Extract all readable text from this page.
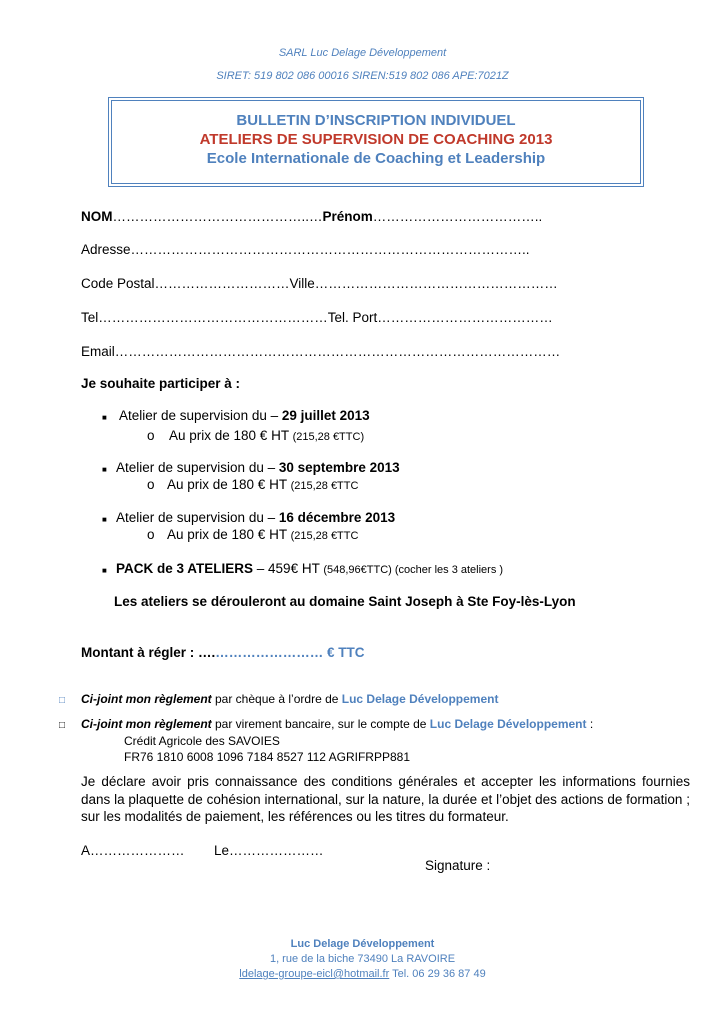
SARL Luc Delage Développement
SIRET: 519 802 086 00016 SIREN:519 802 086 APE:7021Z
BULLETIN D’INSCRIPTION INDIVIDUEL
ATELIERS DE SUPERVISION DE COACHING 2013
Ecole Internationale de Coaching et Leadership
NOM……………………………………..…Prénom………………………………..
Adresse……………………………………………………………………………..
Code Postal…………………………Ville………………………………………………
Tel……………………………………………Tel. Port…………………………………
Email………………………………………………………………………………………
Je souhaite participer à :
■ Atelier de supervision du – 29 juillet 2013
o Au prix de 180 € HT (215,28 €TTC)
■ Atelier de supervision du – 30 septembre 2013
o Au prix de 180 € HT (215,28 €TTC
■ Atelier de supervision du – 16 décembre 2013
o Au prix de 180 € HT (215,28 €TTC
■ PACK de 3 ATELIERS – 459€ HT (548,96€TTC) (cocher les 3 ateliers )
Les ateliers se dérouleront au domaine Saint Joseph à Ste Foy-lès-Lyon
Montant à régler : ….…………………… € TTC
□ Ci-joint mon règlement par chèque à l’ordre de Luc Delage Développement
□ Ci-joint mon règlement par virement bancaire, sur le compte de Luc Delage Développement :
Crédit Agricole des SAVOIES
FR76 1810 6008 1096 7184 8527 112 AGRIFRPP881
Je déclare avoir pris connaissance des conditions générales et accepter les informations fournies dans la plaquette de cohésion international, sur la nature, la durée et l’objet des actions de formation ; sur les modalités de paiement, les références ou les titres du formateur.
A………………… Le…………………
Signature :
Luc Delage Développement
1, rue de la biche 73490 La RAVOIRE
ldelage-groupe-eicl@hotmail.fr Tel. 06 29 36 87 49
